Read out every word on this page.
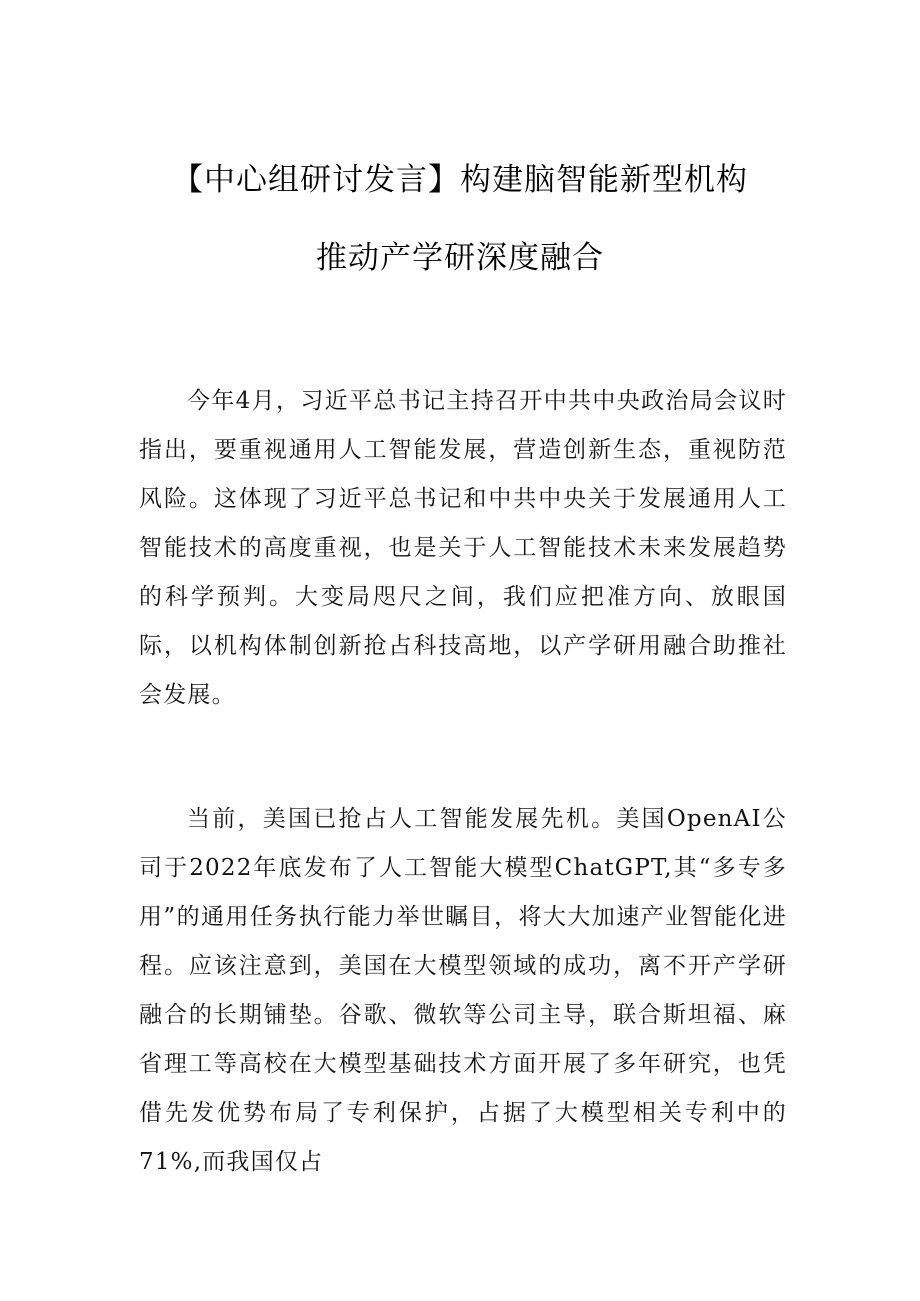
【中心组研讨发言】构建脑智能新型机构
推动产学研深度融合

今年4月，习近平总书记主持召开中共中央政治局会议时指出，要重视通用人工智能发展，营造创新生态，重视防范风险。这体现了习近平总书记和中共中央关于发展通用人工智能技术的高度重视，也是关于人工智能技术未来发展趋势的科学预判。大变局咫尺之间，我们应把准方向、放眼国际，以机构体制创新抢占科技高地，以产学研用融合助推社会发展。

当前，美国已抢占人工智能发展先机。美国OpenAI公司于2022年底发布了人工智能大模型ChatGPT,其“多专多用”的通用任务执行能力举世瞩目，将大大加速产业智能化进程。应该注意到，美国在大模型领域的成功，离不开产学研融合的长期铺垫。谷歌、微软等公司主导，联合斯坦福、麻省理工等高校在大模型基础技术方面开展了多年研究，也凭借先发优势布局了专利保护，占据了大模型相关专利中的71%,而我国仅占
